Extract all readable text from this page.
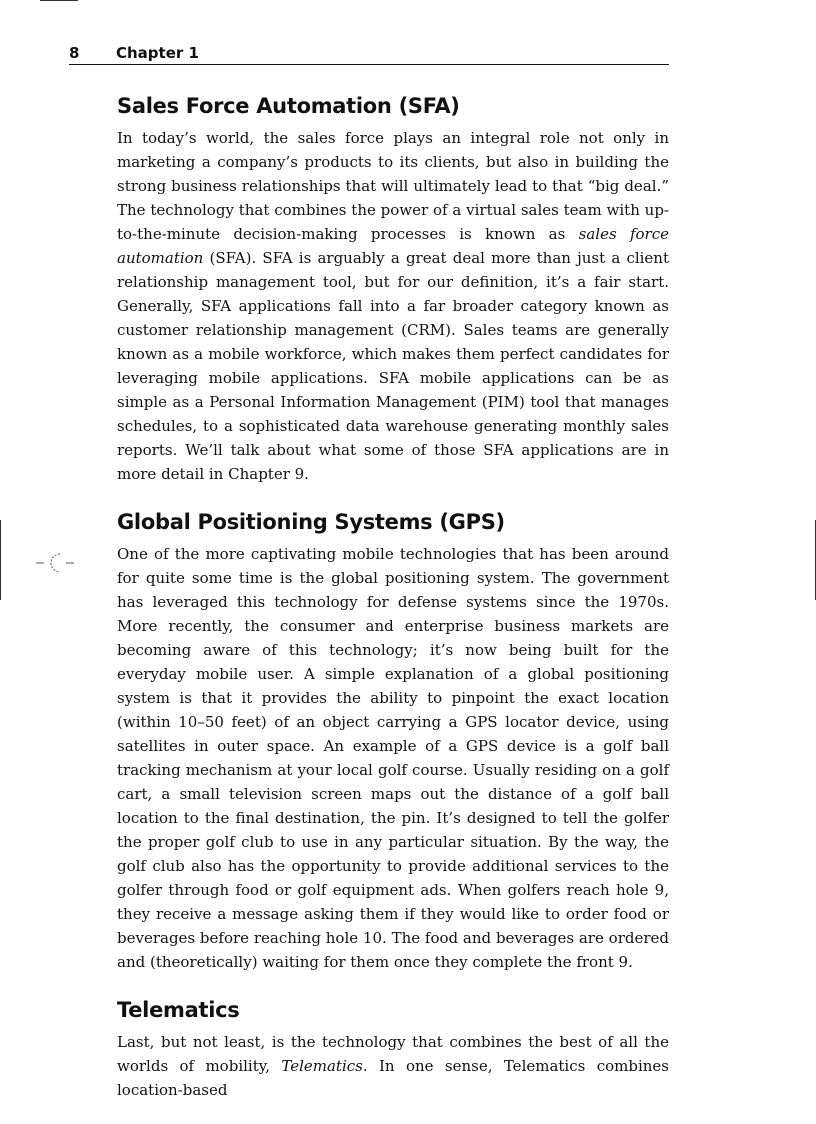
8 Chapter 1
Sales Force Automation (SFA)

In today’s world, the sales force plays an integral role not only in marketing a company’s products to its clients, but also in building the strong business relationships that will ultimately lead to that “big deal.” The technology that combines the power of a virtual sales team with up-to-the-minute decision-making processes is known as sales force automation (SFA). SFA is arguably a great deal more than just a client relationship management tool, but for our definition, it’s a fair start. Generally, SFA applications fall into a far broader category known as customer relationship management (CRM). Sales teams are generally known as a mobile workforce, which makes them perfect candidates for leveraging mobile applications. SFA mobile applications can be as simple as a Personal Information Management (PIM) tool that manages schedules, to a sophisticated data warehouse generating monthly sales reports. We’ll talk about what some of those SFA applications are in more detail in Chapter 9.

Global Positioning Systems (GPS)

One of the more captivating mobile technologies that has been around for quite some time is the global positioning system. The government has leveraged this technology for defense systems since the 1970s. More recently, the consumer and enterprise business markets are becoming aware of this technology; it’s now being built for the everyday mobile user. A simple explanation of a global positioning system is that it provides the ability to pinpoint the exact location (within 10–50 feet) of an object carrying a GPS locator device, using satellites in outer space. An example of a GPS device is a golf ball tracking mechanism at your local golf course. Usually residing on a golf cart, a small television screen maps out the distance of a golf ball location to the final destination, the pin. It’s designed to tell the golfer the proper golf club to use in any particular situation. By the way, the golf club also has the opportunity to provide additional services to the golfer through food or golf equipment ads. When golfers reach hole 9, they receive a message asking them if they would like to order food or beverages before reaching hole 10. The food and beverages are ordered and (theoretically) waiting for them once they complete the front 9.

Telematics

Last, but not least, is the technology that combines the best of all the worlds of mobility, Telematics. In one sense, Telematics combines location-based
